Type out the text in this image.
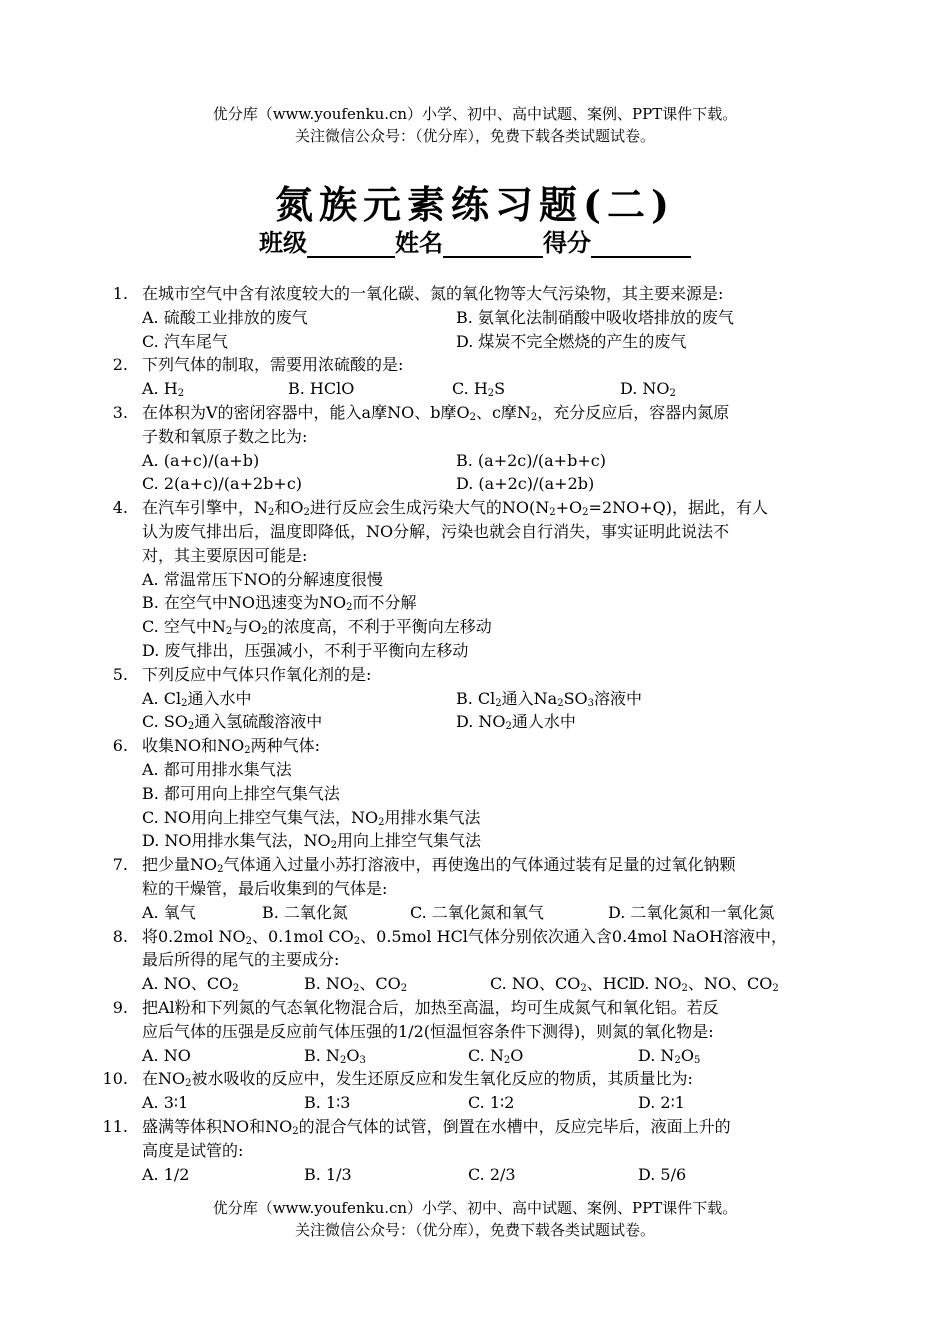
优分库（www.youfenku.cn）小学、初中、高中试题、案例、PPT课件下载。
关注微信公众号：（优分库），免费下载各类试题试卷。
氮族元素练习题(二)
班级	姓名	得分
1. 在城市空气中含有浓度较大的一氧化碳、氮的氧化物等大气污染物，其主要来源是:
A. 硫酸工业排放的废气	B. 氨氧化法制硝酸中吸收塔排放的废气
C. 汽车尾气	D. 煤炭不完全燃烧的产生的废气
2. 下列气体的制取，需要用浓硫酸的是:
A. $H_2$	B. HClO	C. $H_2S$	D. $NO_2$
3. 在体积为V的密闭容器中，能入a摩NO、b摩$O_2$、c摩$N_2$，充分反应后，容器内氮原
子数和氧原子数之比为:
A. (a+c)/(a+b)	B. (a+2c)/(a+b+c)
C. 2(a+c)/(a+2b+c)	D. (a+2c)/(a+2b)
4. 在汽车引擎中，$N_2$和$O_2$进行反应会生成污染大气的$NO(N_2+O_2=2NO+Q)$，据此，有人
认为废气排出后，温度即降低，NO分解，污染也就会自行消失，事实证明此说法不
对，其主要原因可能是:
A. 常温常压下NO的分解速度很慢
B. 在空气中NO迅速变为$NO_2$而不分解
C. 空气中$N_2$与$O_2$的浓度高，不利于平衡向左移动
D. 废气排出，压强减小，不利于平衡向左移动
5. 下列反应中气体只作氧化剂的是:
A. $Cl_2$通入水中	B. $Cl_2$通入$Na_2SO_3$溶液中
C. $SO_2$通入氢硫酸溶液中	D. $NO_2$通人水中
6. 收集NO和$NO_2$两种气体:
A. 都可用排水集气法
B. 都可用向上排空气集气法
C. NO用向上排空气集气法，$NO_2$用排水集气法
D. NO用排水集气法，$NO_2$用向上排空气集气法
7. 把少量$NO_2$气体通入过量小苏打溶液中，再使逸出的气体通过装有足量的过氧化钠颗
粒的干燥管，最后收集到的气体是:
A. 氧气	B. 二氧化氮	C. 二氧化氮和氧气	D. 二氧化氮和一氧化氮
8. 将0.2mol $NO_2$、0.1mol $CO_2$、0.5mol HCl气体分别依次通入含0.4mol NaOH溶液中，
最后所得的尾气的主要成分:
A. NO、$CO_2$	B. $NO_2$、$CO_2$	C. NO、$CO_2$、HCl
D. $NO_2$、NO、$CO_2$
9. 把Al粉和下列氮的气态氧化物混合后，加热至高温，均可生成氮气和氧化铝。若反
应后气体的压强是反应前气体压强的1/2(恒温恒容条件下测得)，则氮的氧化物是:
A. NO	B. $N_2O_3$	C. $N_2O$	D. $N_2O_5$
10. 在$NO_2$被水吸收的反应中，发生还原反应和发生氧化反应的物质，其质量比为:
A. 3∶1	B. 1∶3	C. 1∶2	D. 2∶1
11. 盛满等体积NO和$NO_2$的混合气体的试管，倒置在水槽中，反应完毕后，液面上升的
高度是试管的:
A. 1/2	B. 1/3	C. 2/3	D. 5/6
优分库（www.youfenku.cn）小学、初中、高中试题、案例、PPT课件下载。
关注微信公众号：（优分库），免费下载各类试题试卷。
